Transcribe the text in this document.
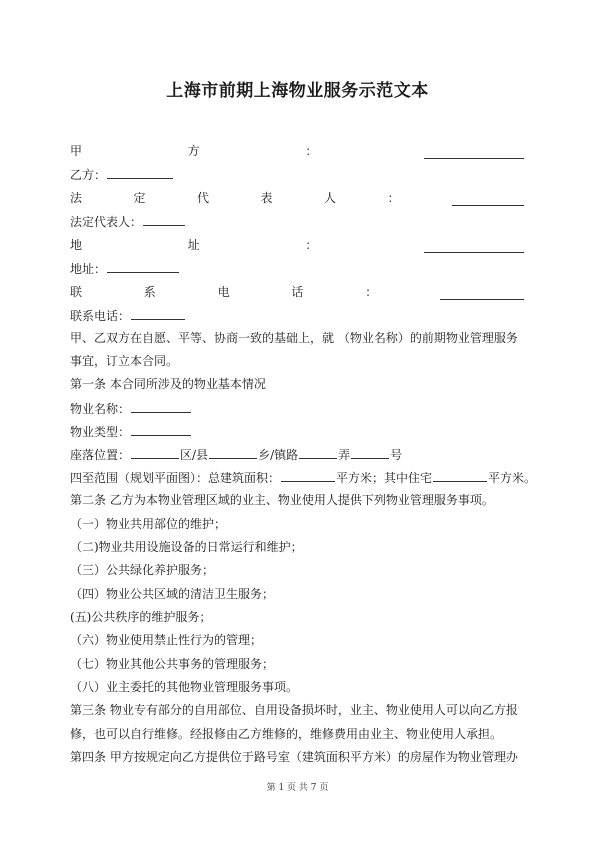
上海市前期上海物业服务示范文本
甲	方	：
乙方：
法	定	代	表	人	：
法定代表人：
地	址	：
地址：
联	系	电	话	：
联系电话：
甲、乙双方在自愿、平等、协商一致的基础上，就 （物业名称）的前期物业管理服务
事宜，订立本合同。
第一条 本合同所涉及的物业基本情况
物业名称：
物业类型：
座落位置：	区/县	乡/镇路	弄	号
四至范围（规划平面图）：总建筑面积：	平方米；其中住宅	平方米。
第二条 乙方为本物业管理区域的业主、物业使用人提供下列物业管理服务事项。
（一）物业共用部位的维护；
（二)物业共用设施设备的日常运行和维护；
（三）公共绿化养护服务；
（四）物业公共区域的清洁卫生服务；
(五)公共秩序的维护服务；
（六）物业使用禁止性行为的管理；
（七）物业其他公共事务的管理服务；
（八）业主委托的其他物业管理服务事项。
第三条 物业专有部分的自用部位、自用设备损坏时，业主、物业使用人可以向乙方报
修，也可以自行维修。经报修由乙方维修的，维修费用由业主、物业使用人承担。
第四条 甲方按规定向乙方提供位于路号室（建筑面积平方米）的房屋作为物业管理办
第 1 页 共 7 页
